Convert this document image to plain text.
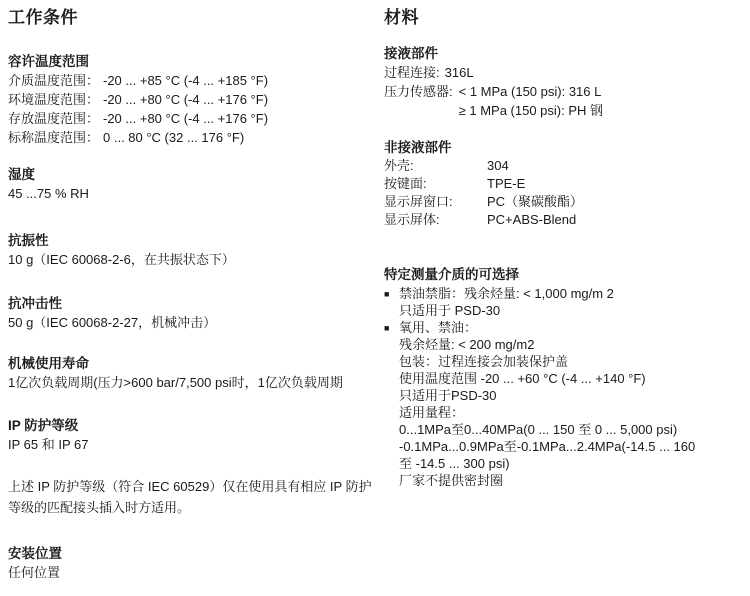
工作条件
容许温度范围
介质温度范围： -20 ... +85 °C (-4 ... +185 °F)
环境温度范围： -20 ... +80 °C (-4 ... +176 °F)
存放温度范围： -20 ... +80 °C (-4 ... +176 °F)
标称温度范围： 0 ... 80 °C (32 ... 176 °F)
湿度
45 ...75 % RH
抗振性
10 g（IEC 60068-2-6，在共振状态下）
抗冲击性
50 g（IEC 60068-2-27，机械冲击）
机械使用寿命
1亿次负载周期(压力>600 bar/7,500 psi时，1亿次负载周期
IP 防护等级
IP 65 和 IP 67
上述 IP 防护等级（符合 IEC 60529）仅在使用具有相应 IP 防护等级的匹配接头插入时方适用。
安装位置
任何位置
材料
接液部件
过程连接: 316L
压力传感器: < 1 MPa (150 psi): 316 L
≥ 1 MPa (150 psi): PH 钢
非接液部件
外壳:	304
按键面:	TPE-E
显示屏窗口:	PC（聚碳酸酯）
显示屏体:	PC+ABS-Blend
特定测量介质的可选择
■ 禁油禁脂：残余烃量: < 1,000 mg/m 2
只适用于 PSD-30
■ 氧用、禁油：
残余烃量: < 200 mg/m2
包装：过程连接会加装保护盖
使用温度范围 -20 ... +60 °C (-4 ... +140 °F)
只适用于PSD-30
适用量程：
0...1MPa至0...40MPa(0 ... 150 至 0 ... 5,000 psi)
-0.1MPa...0.9MPa至-0.1MPa...2.4MPa(-14.5 ... 160
至 -14.5 ... 300 psi)
厂家不提供密封圈
